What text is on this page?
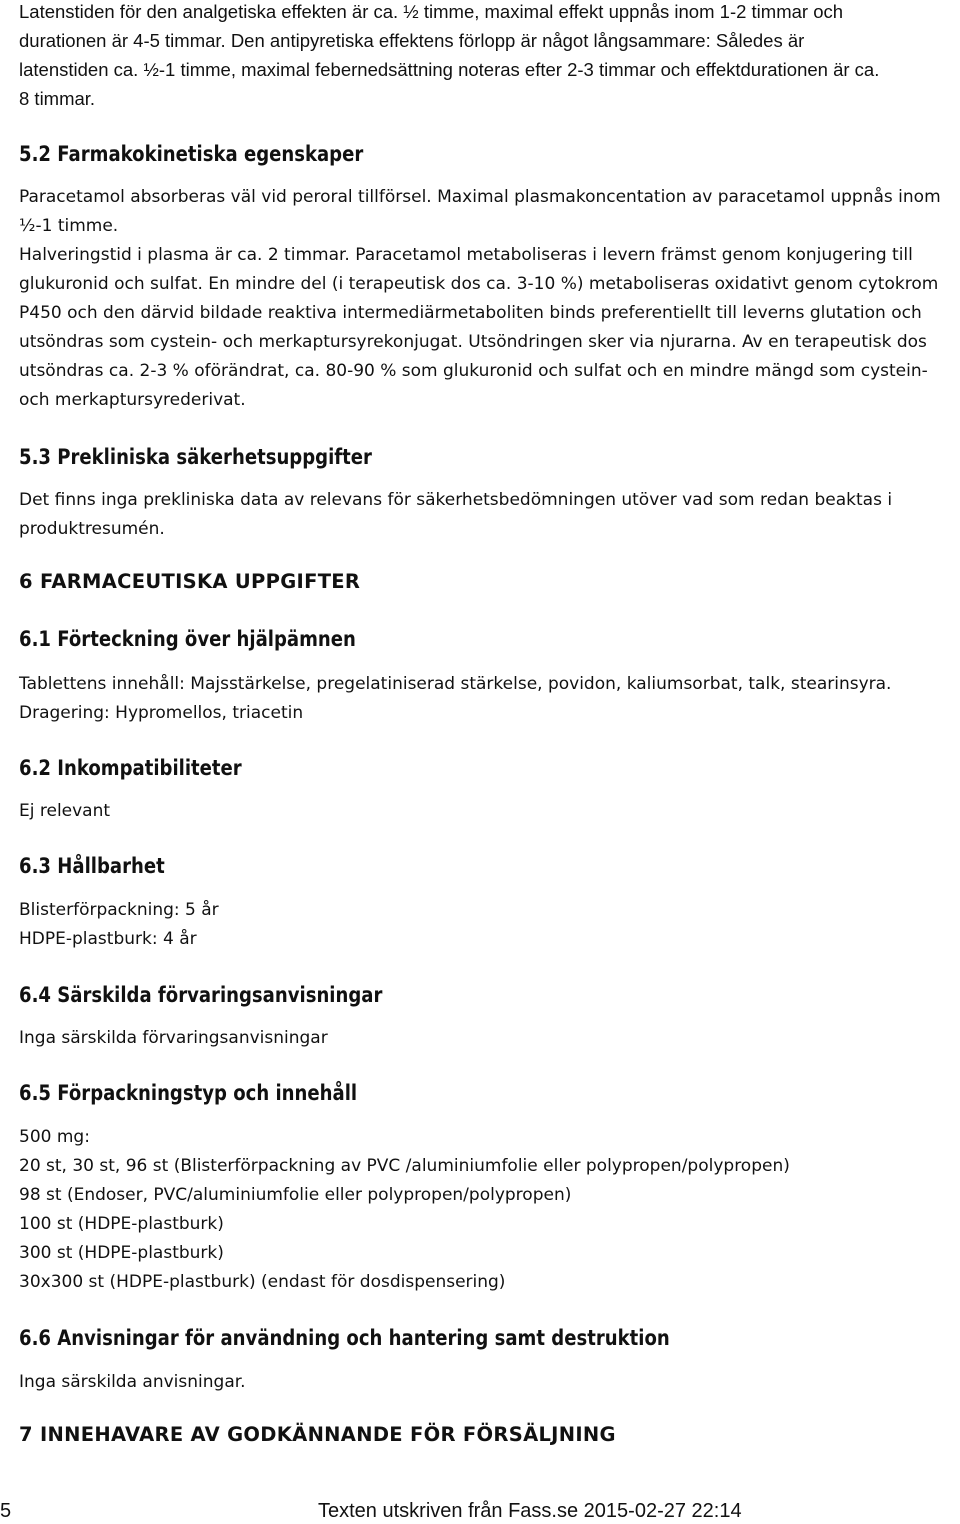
Latenstiden för den analgetiska effekten är ca. ½ timme, maximal effekt uppnås inom 1-2 timmar och
durationen är 4-5 timmar. Den antipyretiska effektens förlopp är något långsammare: Således är
latenstiden ca. ½-1 timme, maximal febernedsättning noteras efter 2-3 timmar och effektdurationen är ca.
8 timmar.
5.2 Farmakokinetiska egenskaper
Paracetamol absorberas väl vid peroral tillförsel. Maximal plasmakoncentation av paracetamol uppnås inom
½-1 timme.
Halveringstid i plasma är ca. 2 timmar. Paracetamol metaboliseras i levern främst genom konjugering till
glukuronid och sulfat. En mindre del (i terapeutisk dos ca. 3-10 %) metaboliseras oxidativt genom cytokrom
P450 och den därvid bildade reaktiva intermediärmetaboliten binds preferentiellt till leverns glutation och
utsöndras som cystein- och merkaptursyrekonjugat. Utsöndringen sker via njurarna. Av en terapeutisk dos
utsöndras ca. 2-3 % oförändrat, ca. 80-90 % som glukuronid och sulfat och en mindre mängd som cystein-
och merkaptursyrederivat.
5.3 Prekliniska säkerhetsuppgifter
Det finns inga prekliniska data av relevans för säkerhetsbedömningen utöver vad som redan beaktas i
produktresumén.
6 FARMACEUTISKA UPPGIFTER
6.1 Förteckning över hjälpämnen
Tablettens innehåll: Majsstärkelse, pregelatiniserad stärkelse, povidon, kaliumsorbat, talk, stearinsyra.
Dragering: Hypromellos, triacetin
6.2 Inkompatibiliteter
Ej relevant
6.3 Hållbarhet
Blisterförpackning: 5 år
HDPE-plastburk: 4 år
6.4 Särskilda förvaringsanvisningar
Inga särskilda förvaringsanvisningar
6.5 Förpackningstyp och innehåll
500 mg:
20 st, 30 st, 96 st (Blisterförpackning av PVC /aluminiumfolie eller polypropen/polypropen)
98 st (Endoser, PVC/aluminiumfolie eller polypropen/polypropen)
100 st (HDPE-plastburk)
300 st (HDPE-plastburk)
30x300 st (HDPE-plastburk) (endast för dosdispensering)
6.6 Anvisningar för användning och hantering samt destruktion
Inga särskilda anvisningar.
7 INNEHAVARE AV GODKÄNNANDE FÖR FÖRSÄLJNING
5	Texten utskriven från Fass.se 2015-02-27 22:14
